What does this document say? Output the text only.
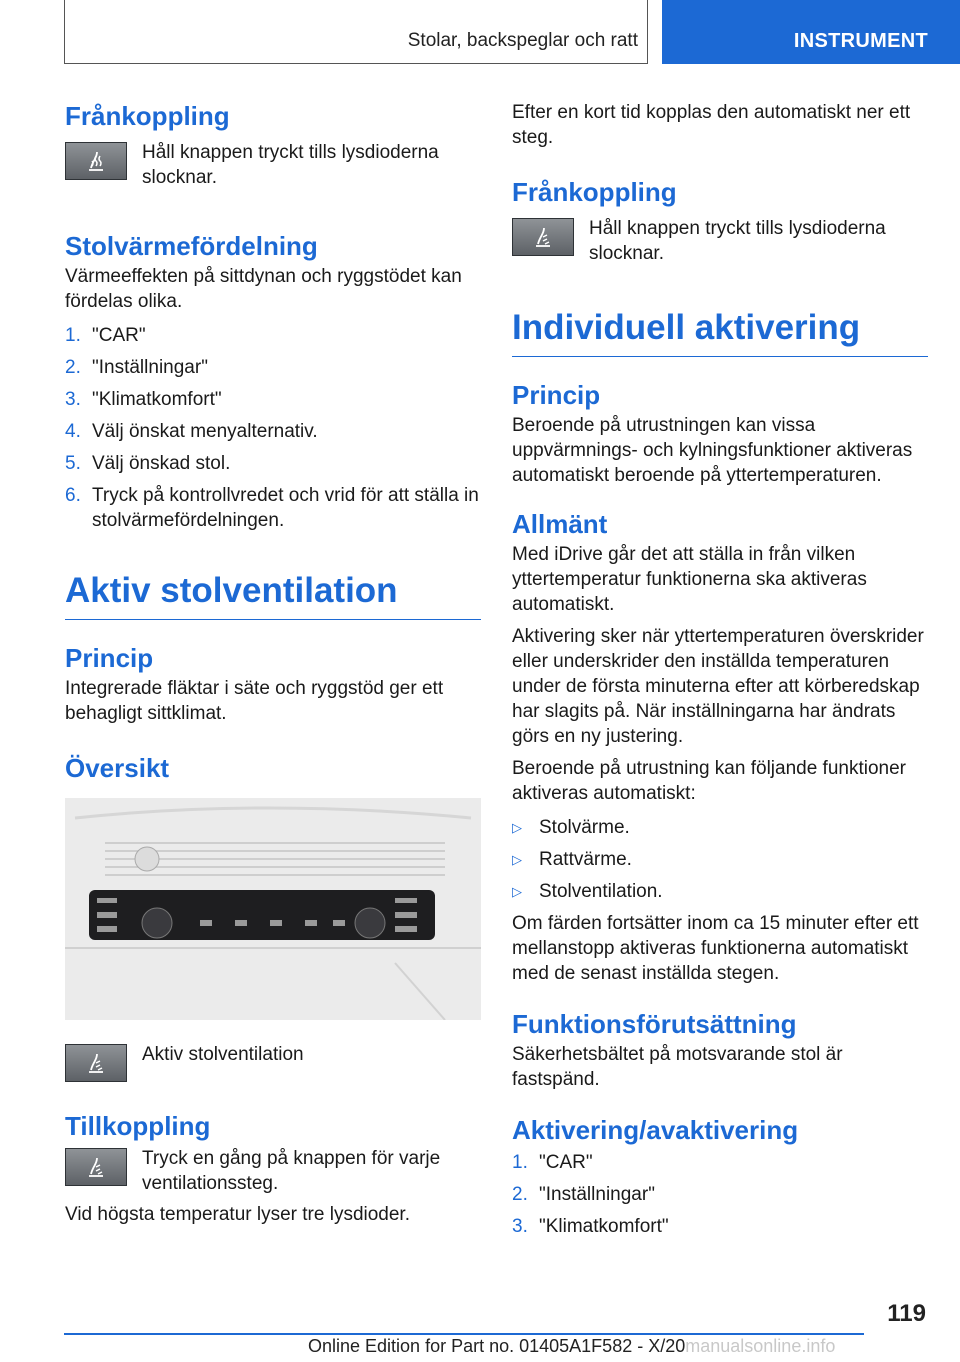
Stolar, backspeglar och ratt	INSTRUMENT
Frånkoppling

Håll knappen tryckt tills lysdioderna slocknar.

Stolvärmefördelning

Värmeeffekten på sittdynan och ryggstödet kan fördelas olika.

1. "CAR"
2. "Inställningar"
3. "Klimatkomfort"
4. Välj önskat menyalternativ.
5. Välj önskad stol.
6. Tryck på kontrollvredet och vrid för att ställa in stolvärmefördelningen.
Aktiv stolventilation
Princip

Integrerade fläktar i säte och ryggstöd ger ett behagligt sittklimat.

Översikt

Aktiv stolventilation

Tillkoppling

Tryck en gång på knappen för varje ventilationssteg.

Vid högsta temperatur lyser tre lysdioder.

Efter en kort tid kopplas den automatiskt ner ett steg.

Frånkoppling

Håll knappen tryckt tills lysdioderna slocknar.

Individuell aktivering
Princip

Beroende på utrustningen kan vissa uppvärmnings- och kylningsfunktioner aktiveras automatiskt beroende på yttertemperaturen.

Allmänt

Med iDrive går det att ställa in från vilken yttertemperatur funktionerna ska aktiveras automatiskt.

Aktivering sker när yttertemperaturen överskrider eller underskrider den inställda temperaturen under de första minuterna efter att körberedskap har slagits på. När inställningarna har ändrats görs en ny justering.

Beroende på utrustning kan följande funktioner aktiveras automatiskt:

▷ Stolvärme.
▷ Rattvärme.
▷ Stolventilation.

Om färden fortsätter inom ca 15 minuter efter ett mellanstopp aktiveras funktionerna automatiskt med de senast inställda stegen.

Funktionsförutsättning

Säkerhetsbältet på motsvarande stol är fastspänd.

Aktivering/avaktivering
1. "CAR"
2. "Inställningar"
3. "Klimatkomfort"
119
Online Edition for Part no. 01405A1F582 - X/20manualsonline.info
